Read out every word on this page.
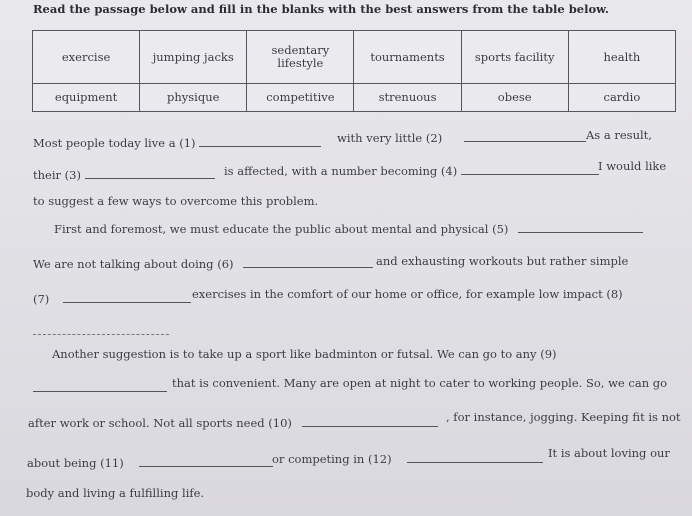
Read the passage below and fill in the blanks with the best answers from the table below.
exercise	jumping jacks	sedentary lifestyle	tournaments	sports facility	health
equipment	physique	competitive	strenuous	obese	cardio
Most people today live a (1)	with very little (2)	As a result,
their (3)	is affected, with a number becoming (4)	I would like
to suggest a few ways to overcome this problem.
First and foremost, we must educate the public about mental and physical (5)
We are not talking about doing (6)	and exhausting workouts but rather simple
(7)	exercises in the comfort of our home or office, for example low impact (8)
Another suggestion is to take up a sport like badminton or futsal. We can go to any (9)
that is convenient. Many are open at night to cater to working people. So, we can go
after work or school. Not all sports need (10)	, for instance, jogging. Keeping fit is not
about being (11)	or competing in (12)	It is about loving our
body and living a fulfilling life.
